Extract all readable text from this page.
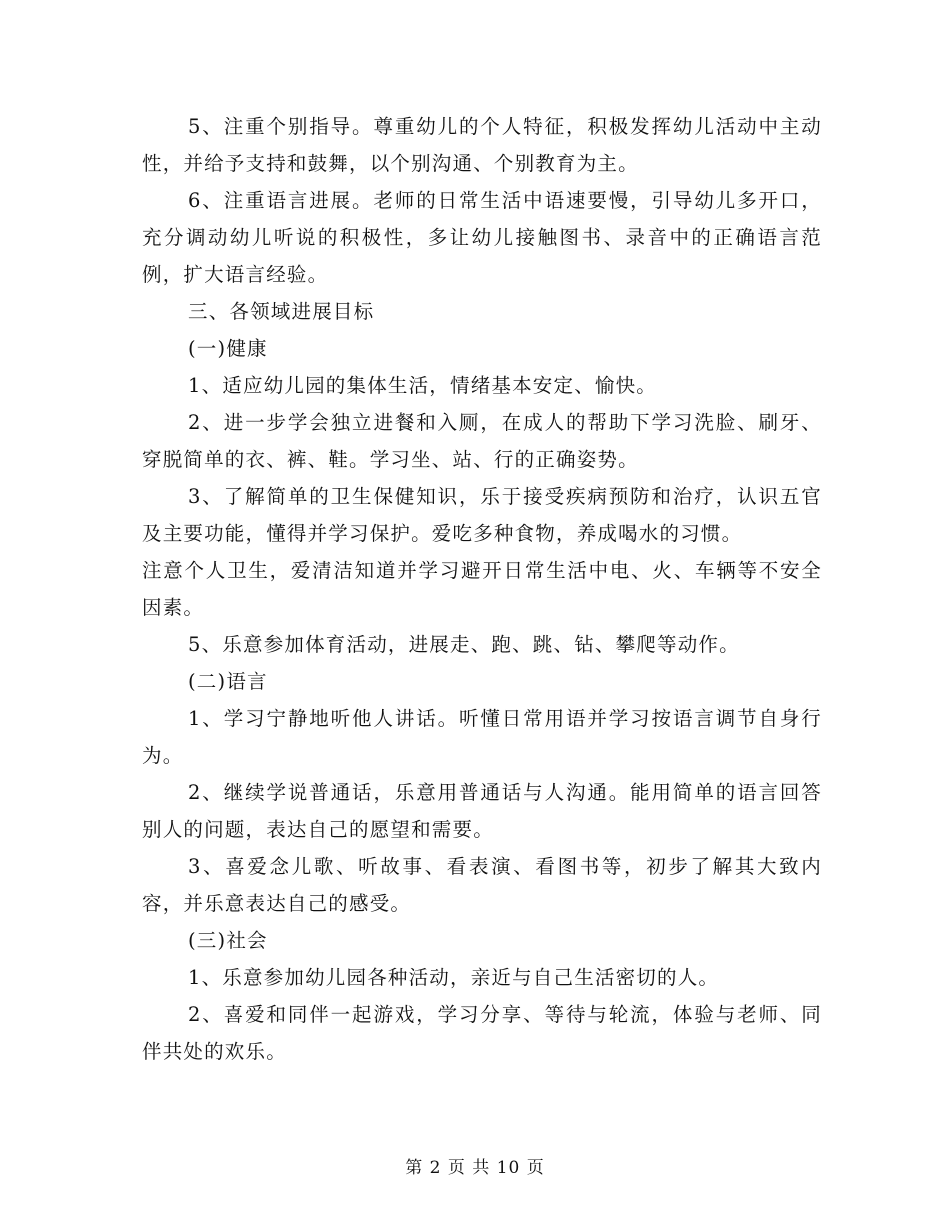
5、注重个别指导。尊重幼儿的个人特征，积极发挥幼儿活动中主动性，并给予支持和鼓舞，以个别沟通、个别教育为主。

6、注重语言进展。老师的日常生活中语速要慢，引导幼儿多开口，充分调动幼儿听说的积极性，多让幼儿接触图书、录音中的正确语言范例，扩大语言经验。

三、各领域进展目标

(一)健康

1、适应幼儿园的集体生活，情绪基本安定、愉快。

2、进一步学会独立进餐和入厕，在成人的帮助下学习洗脸、刷牙、穿脱简单的衣、裤、鞋。学习坐、站、行的正确姿势。

3、了解简单的卫生保健知识，乐于接受疾病预防和治疗，认识五官及主要功能，懂得并学习保护。爱吃多种食物，养成喝水的习惯。

注意个人卫生，爱清洁知道并学习避开日常生活中电、火、车辆等不安全因素。

5、乐意参加体育活动，进展走、跑、跳、钻、攀爬等动作。

(二)语言

1、学习宁静地听他人讲话。听懂日常用语并学习按语言调节自身行为。

2、继续学说普通话，乐意用普通话与人沟通。能用简单的语言回答别人的问题，表达自己的愿望和需要。

3、喜爱念儿歌、听故事、看表演、看图书等，初步了解其大致内容，并乐意表达自己的感受。

(三)社会

1、乐意参加幼儿园各种活动，亲近与自己生活密切的人。

2、喜爱和同伴一起游戏，学习分享、等待与轮流，体验与老师、同伴共处的欢乐。

第 2 页 共 10 页
